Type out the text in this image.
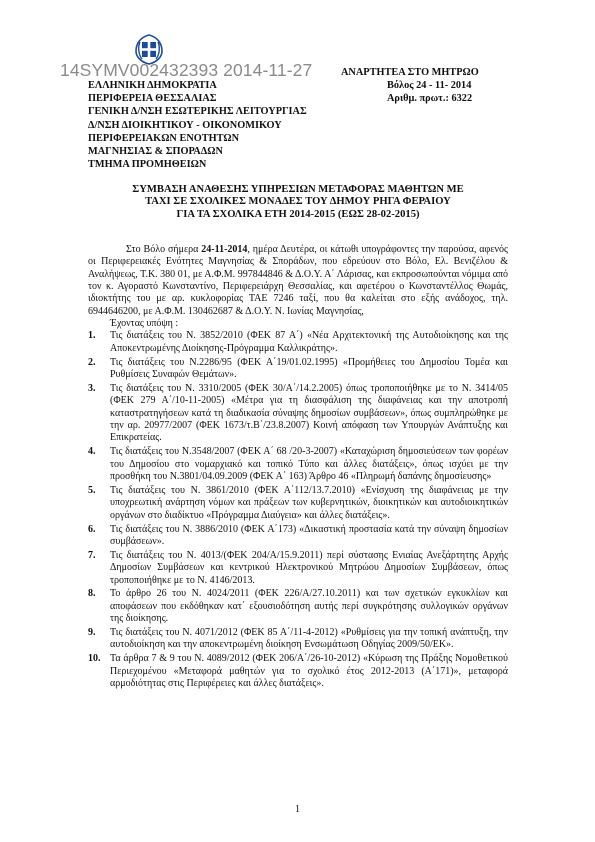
14SYMV002432393 2014-11-27	ΑΝΑΡΤΗΤΕΑ ΣΤΟ ΜΗΤΡΩΟ
Βόλος 24 - 11- 2014
Αριθμ. πρωτ.: 6322
ΕΛΛΗΝΙΚΗ ΔΗΜΟΚΡΑΤΙΑ
ΠΕΡΙΦΕΡΕΙΑ ΘΕΣΣΑΛΙΑΣ
ΓΕΝΙΚΗ Δ/ΝΣΗ ΕΣΩΤΕΡΙΚΗΣ ΛΕΙΤΟΥΡΓΙΑΣ
Δ/ΝΣΗ ΔΙΟΙΚΗΤΙΚΟΥ - ΟΙΚΟΝΟΜΙΚΟΥ
ΠΕΡΙΦΕΡΕΙΑΚΩΝ ΕΝΟΤΗΤΩΝ
ΜΑΓΝΗΣΙΑΣ & ΣΠΟΡΑΔΩΝ
ΤΜΗΜΑ ΠΡΟΜΗΘΕΙΩΝ
ΣΥΜΒΑΣΗ ΑΝΑΘΕΣΗΣ ΥΠΗΡΕΣΙΩΝ ΜΕΤΑΦΟΡΑΣ ΜΑΘΗΤΩΝ ΜΕ
ΤΑΧΙ ΣΕ ΣΧΟΛΙΚΕΣ ΜΟΝΑΔΕΣ ΤΟΥ ΔΗΜΟΥ ΡΗΓΑ ΦΕΡΑΙΟΥ
ΓΙΑ ΤΑ ΣΧΟΛΙΚΑ ΕΤΗ 2014-2015 (ΕΩΣ 28-02-2015)

Στο Βόλο σήμερα 24-11-2014, ημέρα Δευτέρα, οι κάτωθι υπογράφοντες την παρούσα, αφενός οι Περιφερειακές Ενότητες Μαγνησίας & Σποράδων, που εδρεύουν στο Βόλο, Ελ. Βενιζέλου & Αναλήψεως, Τ.Κ. 380 01, με Α.Φ.Μ. 997844846 & Δ.Ο.Υ. Α΄ Λάρισας, και εκπροσωπούνται νόμιμα από τον κ. Αγοραστό Κωνσταντίνο, Περιφερειάρχη Θεσσαλίας, και αφετέρου ο Κωνσταντέλλος Θωμάς, ιδιοκτήτης του με αρ. κυκλοφορίας ΤΑΕ 7246 ταξί, που θα καλείται στο εξής ανάδοχος, τηλ. 6944646200, με Α.Φ.Μ. 130462687 & Δ.Ο.Υ. Ν. Ιωνίας Μαγνησίας,

Έχοντας υπόψη :

1. Τις διατάξεις του Ν. 3852/2010 (ΦΕΚ 87 Α΄) «Νέα Αρχιτεκτονική της Αυτοδιοίκησης και της Αποκεντρωμένης Διοίκησης-Πρόγραμμα Καλλικράτης».
2. Τις διατάξεις του Ν.2286/95 (ΦΕΚ Α΄19/01.02.1995) «Προμήθειες του Δημοσίου Τομέα και Ρυθμίσεις Συναφών Θεμάτων».
3. Τις διατάξεις του Ν. 3310/2005 (ΦΕΚ 30/Α΄/14.2.2005) όπως τροποποιήθηκε με το Ν. 3414/05 (ΦΕΚ 279 Α΄/10-11-2005) «Μέτρα για τη διασφάλιση της διαφάνειας και την αποτροπή καταστρατηγήσεων κατά τη διαδικασία σύναψης δημοσίων συμβάσεων», όπως συμπληρώθηκε με την αρ. 20977/2007 (ΦΕΚ 1673/τ.Β΄/23.8.2007) Κοινή απόφαση των Υπουργών Ανάπτυξης και Επικρατείας.
4. Τις διατάξεις του Ν.3548/2007 (ΦΕΚ Α΄ 68 /20-3-2007) «Καταχώριση δημοσιεύσεων των φορέων του Δημοσίου στο νομαρχιακό και τοπικό Τύπο και άλλες διατάξεις», όπως ισχύει με την προσθήκη του Ν.3801/04.09.2009 (ΦΕΚ Α΄ 163) Άρθρο 46 «Πληρωμή δαπάνης δημοσίευσης»
5. Τις διατάξεις του Ν. 3861/2010 (ΦΕΚ Α΄112/13.7.2010) «Ενίσχυση της διαφάνειας με την υποχρεωτική ανάρτηση νόμων και πράξεων των κυβερνητικών, διοικητικών και αυτοδιοικητικών οργάνων στο διαδίκτυο «Πρόγραμμα Διαύγεια» και άλλες διατάξεις».
6. Τις διατάξεις του Ν. 3886/2010 (ΦΕΚ Α΄173) «Δικαστική προστασία κατά την σύναψη δημοσίων συμβάσεων».
7. Τις διατάξεις του Ν. 4013/(ΦΕΚ 204/Α/15.9.2011) περί σύστασης Ενιαίας Ανεξάρτητης Αρχής Δημοσίων Συμβάσεων και κεντρικού Ηλεκτρονικού Μητρώου Δημοσίων Συμβάσεων, όπως τροποποιήθηκε με το Ν. 4146/2013.
8. Το άρθρο 26 του Ν. 4024/2011 (ΦΕΚ 226/Α/27.10.2011) και των σχετικών εγκυκλίων και αποφάσεων που εκδόθηκαν κατ΄ εξουσιοδότηση αυτής περί συγκρότησης συλλογικών οργάνων της διοίκησης.
9. Τις διατάξεις του Ν. 4071/2012 (ΦΕΚ 85 Α΄/11-4-2012) «Ρυθμίσεις για την τοπική ανάπτυξη, την αυτοδιοίκηση και την αποκεντρωμένη διοίκηση Ενσωμάτωση Οδηγίας 2009/50/ΕΚ».
10. Τα άρθρα 7 & 9 του Ν. 4089/2012 (ΦΕΚ 206/Α΄/26-10-2012) «Κύρωση της Πράξης Νομοθετικού Περιεχομένου «Μεταφορά μαθητών για το σχολικό έτος 2012-2013 (Α΄171)», μεταφορά αρμοδιότητας στις Περιφέρειες και άλλες διατάξεις».
1
